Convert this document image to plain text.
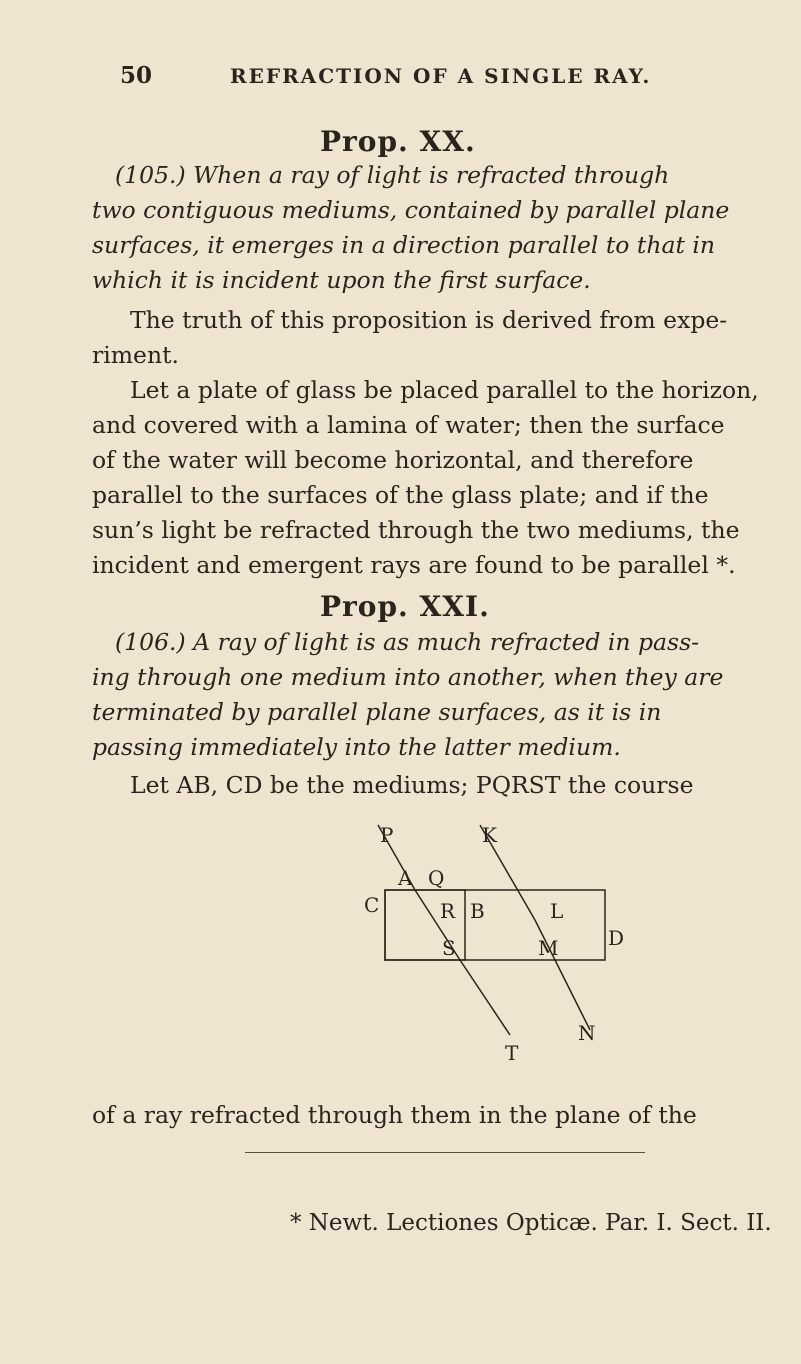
50	REFRACTION OF A SINGLE RAY.
Prop. XX.
(105.) When a ray of light is refracted through
two contiguous mediums, contained by parallel plane
surfaces, it emerges in a direction parallel to that in
which it is incident upon the first surface.
The truth of this proposition is derived from expe-
riment.
Let a plate of glass be placed parallel to the horizon,
and covered with a lamina of water; then the surface
of the water will become horizontal, and therefore
parallel to the surfaces of the glass plate; and if the
sun’s light be refracted through the two mediums, the
incident and emergent rays are found to be parallel *.
Prop. XXI.
(106.) A ray of light is as much refracted in pass-
ing through one medium into another, when they are
terminated by parallel plane surfaces, as it is in
passing immediately into the latter medium.
Let AB, CD be the mediums; PQRST the course
P	K
A Q
C	R B	L
S	M D
N
T
of a ray refracted through them in the plane of the
* Newt. Lectiones Opticæ. Par. I. Sect. II.
